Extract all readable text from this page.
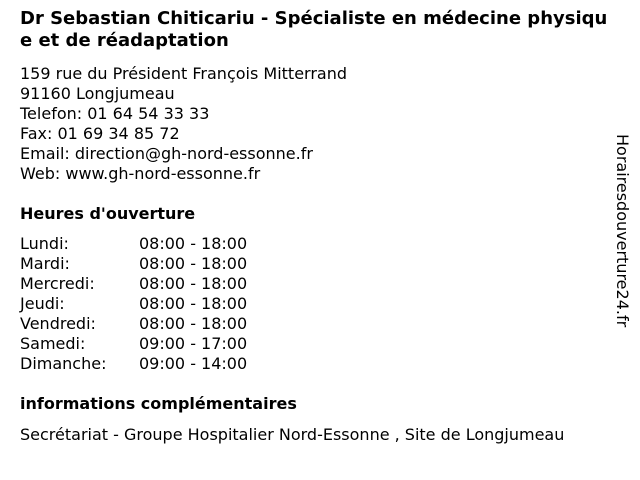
Dr Sebastian Chiticariu - Spécialiste en médecine physique et de réadaptation
159 rue du Président François Mitterrand
91160 Longjumeau
Telefon: 01 64 54 33 33
Fax: 01 69 34 85 72
Email: direction@gh-nord-essonne.fr
Web: www.gh-nord-essonne.fr
Heures d'ouverture
Lundi:	08:00 - 18:00
Mardi:	08:00 - 18:00
Mercredi:	08:00 - 18:00
Jeudi:	08:00 - 18:00
Vendredi:	08:00 - 18:00
Samedi:	09:00 - 17:00
Dimanche:	09:00 - 14:00
informations complémentaires
Secrétariat - Groupe Hospitalier Nord-Essonne , Site de Longjumeau
Horairesdouverture24.fr
